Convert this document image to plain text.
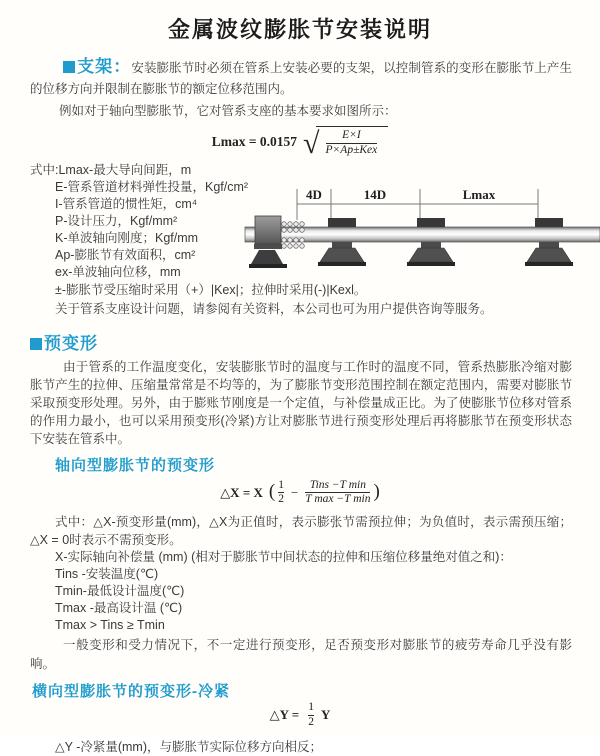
金属波纹膨胀节安装说明

支架：安装膨胀节时必须在管系上安装必要的支架，以控制管系的变形在膨胀节上产生的位移方向并限制在膨胀节的额定位移范围内。

例如对于轴向型膨胀节，它对管系支座的基本要求如图所示：

Lmax = 0.0157 √ $\frac{E\times I}{\text{P×Ap±Kex}}$
式中:Lmax-最大导向间距，m
E-管系管道材料弹性投量，Kgf/cm²
I-管系管道的惯性矩，cm⁴
P-设计压力，Kgf/mm²
K-单波轴向刚度；Kgf/mm
Ap-膨胀节有效面积，cm²
ex-单波轴向位移，mm
±-膨胀节受压缩时采用（+）|Kex|；拉伸时采用(-)|Kexl。
关于管系支座设计问题，请参阅有关资料，本公司也可为用户提供咨询等服务。
4D	14D	Lmax
预变形

由于管系的工作温度变化，安装膨胀节时的温度与工作时的温度不同，管系热膨胀冷缩对膨胀节产生的拉伸、压缩量常常是不均等的，为了膨胀节变形范围控制在额定范围内，需要对膨胀节采取预变形处理。另外，由于膨账节刚度是一个定值，与补偿量成正比。为了使膨胀节位移对管系的作用力最小，也可以采用预变形(冷紧)方让对膨胀节进行预变形处理后再将膨胀节在预变形状态下安装在管系中。

轴向型膨胀节的预变形
△X = X ( $\frac{1}{2} - \frac{\text{Tins −T min}}{\text{T max −T min}}$ )

式中：△X-预变形量(mm)，△X为正值时，表示膨张节需预拉伸；为负值时，表示需预压缩；△X = 0时表示不需预变形。

X-实际轴向补偿量 (mm) (相对于膨胀节中间状态的拉伸和压缩位移量绝对值之和)：
Tins -安装温度(℃)
Tmin-最低设计温度(℃)
Tmax -最高设计温 (℃)
Tmax > Tins ≥ Tmin

一般变形和受力情况下，不一定进行预变形，足否预变形对膨胀节的疲劳寿命几乎没有影响。

横向型膨胀节的预变形-冷紧
△Y = $\frac{1}{2}$ Y

△Y -冷紧量(mm)，与膨胀节实际位移方向相反；
